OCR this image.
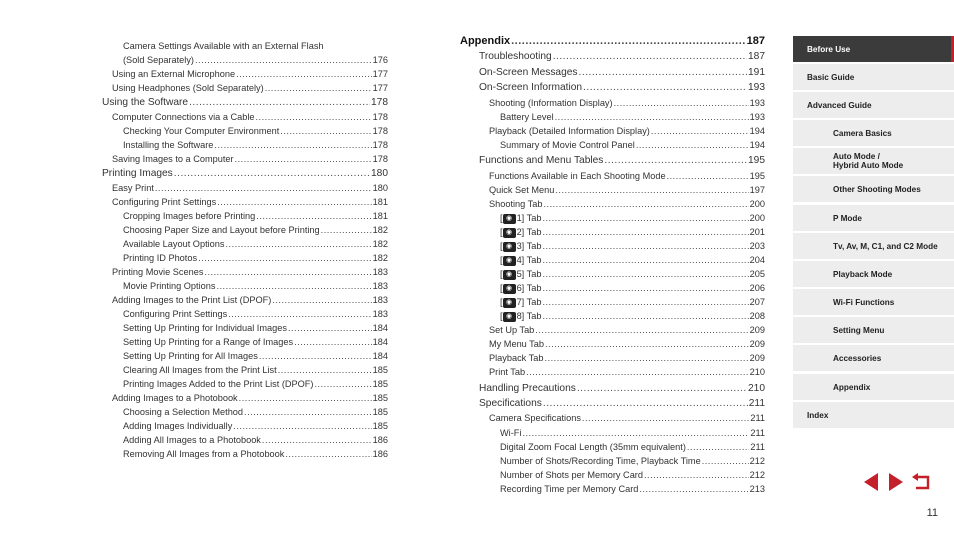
Camera Settings Available with an External Flash
(Sold Separately) .....	176
Using an External Microphone .....	177
Using Headphones (Sold Separately) .....	177
Using the Software .....	178
Computer Connections via a Cable .....	178
Checking Your Computer Environment .....	178
Installing the Software .....	178
Saving Images to a Computer .....	178
Printing Images .....	180
Easy Print .....	180
Configuring Print Settings .....	181
Cropping Images before Printing .....	181
Choosing Paper Size and Layout before Printing .....	182
Available Layout Options .....	182
Printing ID Photos .....	182
Printing Movie Scenes .....	183
Movie Printing Options .....	183
Adding Images to the Print List (DPOF) .....	183
Configuring Print Settings .....	183
Setting Up Printing for Individual Images .....	184
Setting Up Printing for a Range of Images .....	184
Setting Up Printing for All Images .....	184
Clearing All Images from the Print List .....	185
Printing Images Added to the Print List (DPOF) .....	185
Adding Images to a Photobook .....	185
Choosing a Selection Method .....	185
Adding Images Individually .....	185
Adding All Images to a Photobook .....	186
Removing All Images from a Photobook .....	186
Appendix .....	187
Troubleshooting .....	187
On-Screen Messages .....	191
On-Screen Information .....	193
Shooting (Information Display) .....	193
Battery Level .....	193
Playback (Detailed Information Display) .....	194
Summary of Movie Control Panel .....	194
Functions and Menu Tables .....	195
Functions Available in Each Shooting Mode .....	195
Quick Set Menu .....	197
Shooting Tab .....	200
[ ◉ 1] Tab .....	200
[ ◉ 2] Tab .....	201
[ ◉ 3] Tab .....	203
[ ◉ 4] Tab .....	204
[ ◉ 5] Tab .....	205
[ ◉ 6] Tab .....	206
[ ◉ 7] Tab .....	207
[ ◉ 8] Tab .....	208
Set Up Tab .....	209
My Menu Tab .....	209
Playback Tab .....	209
Print Tab .....	210
Handling Precautions .....	210
Specifications .....	211
Camera Specifications .....	211
Wi-Fi .....	211
Digital Zoom Focal Length (35mm equivalent) .....	211
Number of Shots/Recording Time, Playback Time .....	212
Number of Shots per Memory Card .....	212
Recording Time per Memory Card .....	213
Before Use
Basic Guide
Advanced Guide
Camera Basics
Auto Mode /
Hybrid Auto Mode
Other Shooting Modes
P Mode
Tv, Av, M, C1, and C2 Mode
Playback Mode
Wi-Fi Functions
Setting Menu
Accessories
Appendix
Index
11
